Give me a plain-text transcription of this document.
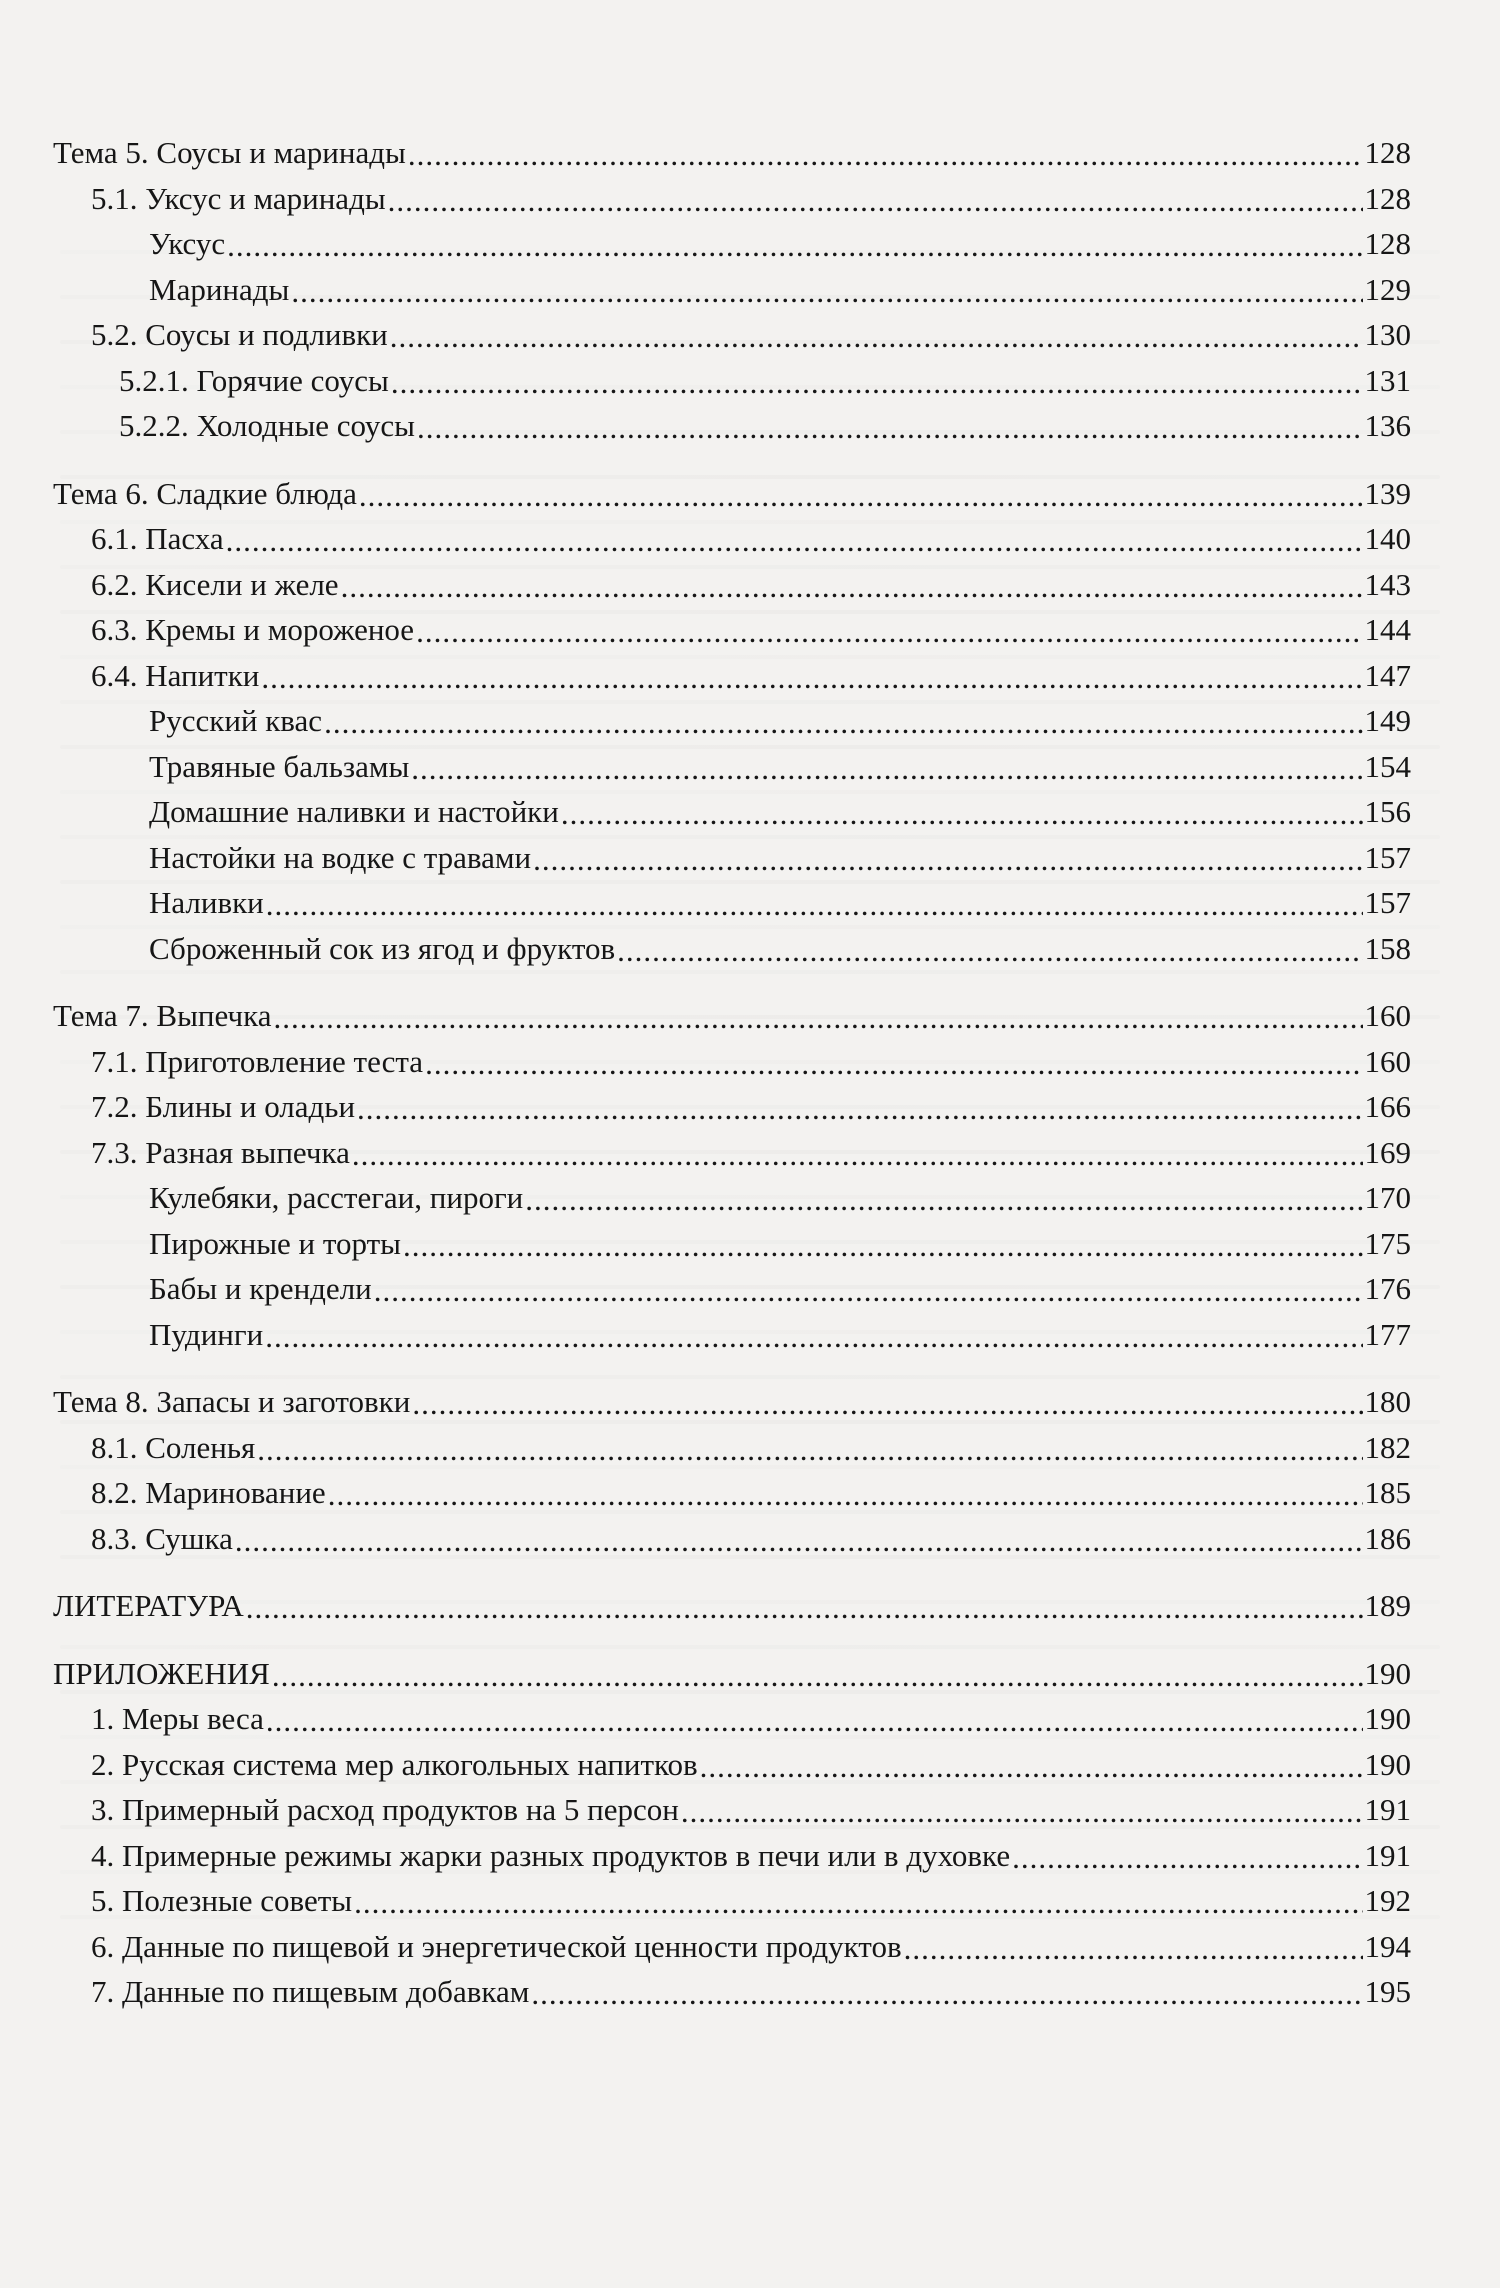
Тема 5. Соусы и маринады .....	128
5.1. Уксус и маринады .....	128
Уксус .....	128
Маринады .....	129
5.2. Соусы и подливки .....	130
5.2.1. Горячие соусы .....	131
5.2.2. Холодные соусы .....	136
Тема 6. Сладкие блюда .....	139
6.1. Пасха .....	140
6.2. Кисели и желе .....	143
6.3. Кремы и мороженое .....	144
6.4. Напитки .....	147
Русский квас .....	149
Травяные бальзамы .....	154
Домашние наливки и настойки .....	156
Настойки на водке с травами .....	157
Наливки .....	157
Сброженный сок из ягод и фруктов .....	158
Тема 7. Выпечка .....	160
7.1. Приготовление теста .....	160
7.2. Блины и оладьи .....	166
7.3. Разная выпечка .....	169
Кулебяки, расстегаи, пироги .....	170
Пирожные и торты .....	175
Бабы и крендели .....	176
Пудинги .....	177
Тема 8. Запасы и заготовки .....	180
8.1. Соленья .....	182
8.2. Маринование .....	185
8.3. Сушка .....	186
ЛИТЕРАТУРА .....	189
ПРИЛОЖЕНИЯ .....	190
1. Меры веса .....	190
2. Русская система мер алкогольных напитков .....	190
3. Примерный расход продуктов на 5 персон .....	191
4. Примерные режимы жарки разных продуктов в печи или в духовке .....	191
5. Полезные советы .....	192
6. Данные по пищевой и энергетической ценности продуктов .....	194
7. Данные по пищевым добавкам .....	195
